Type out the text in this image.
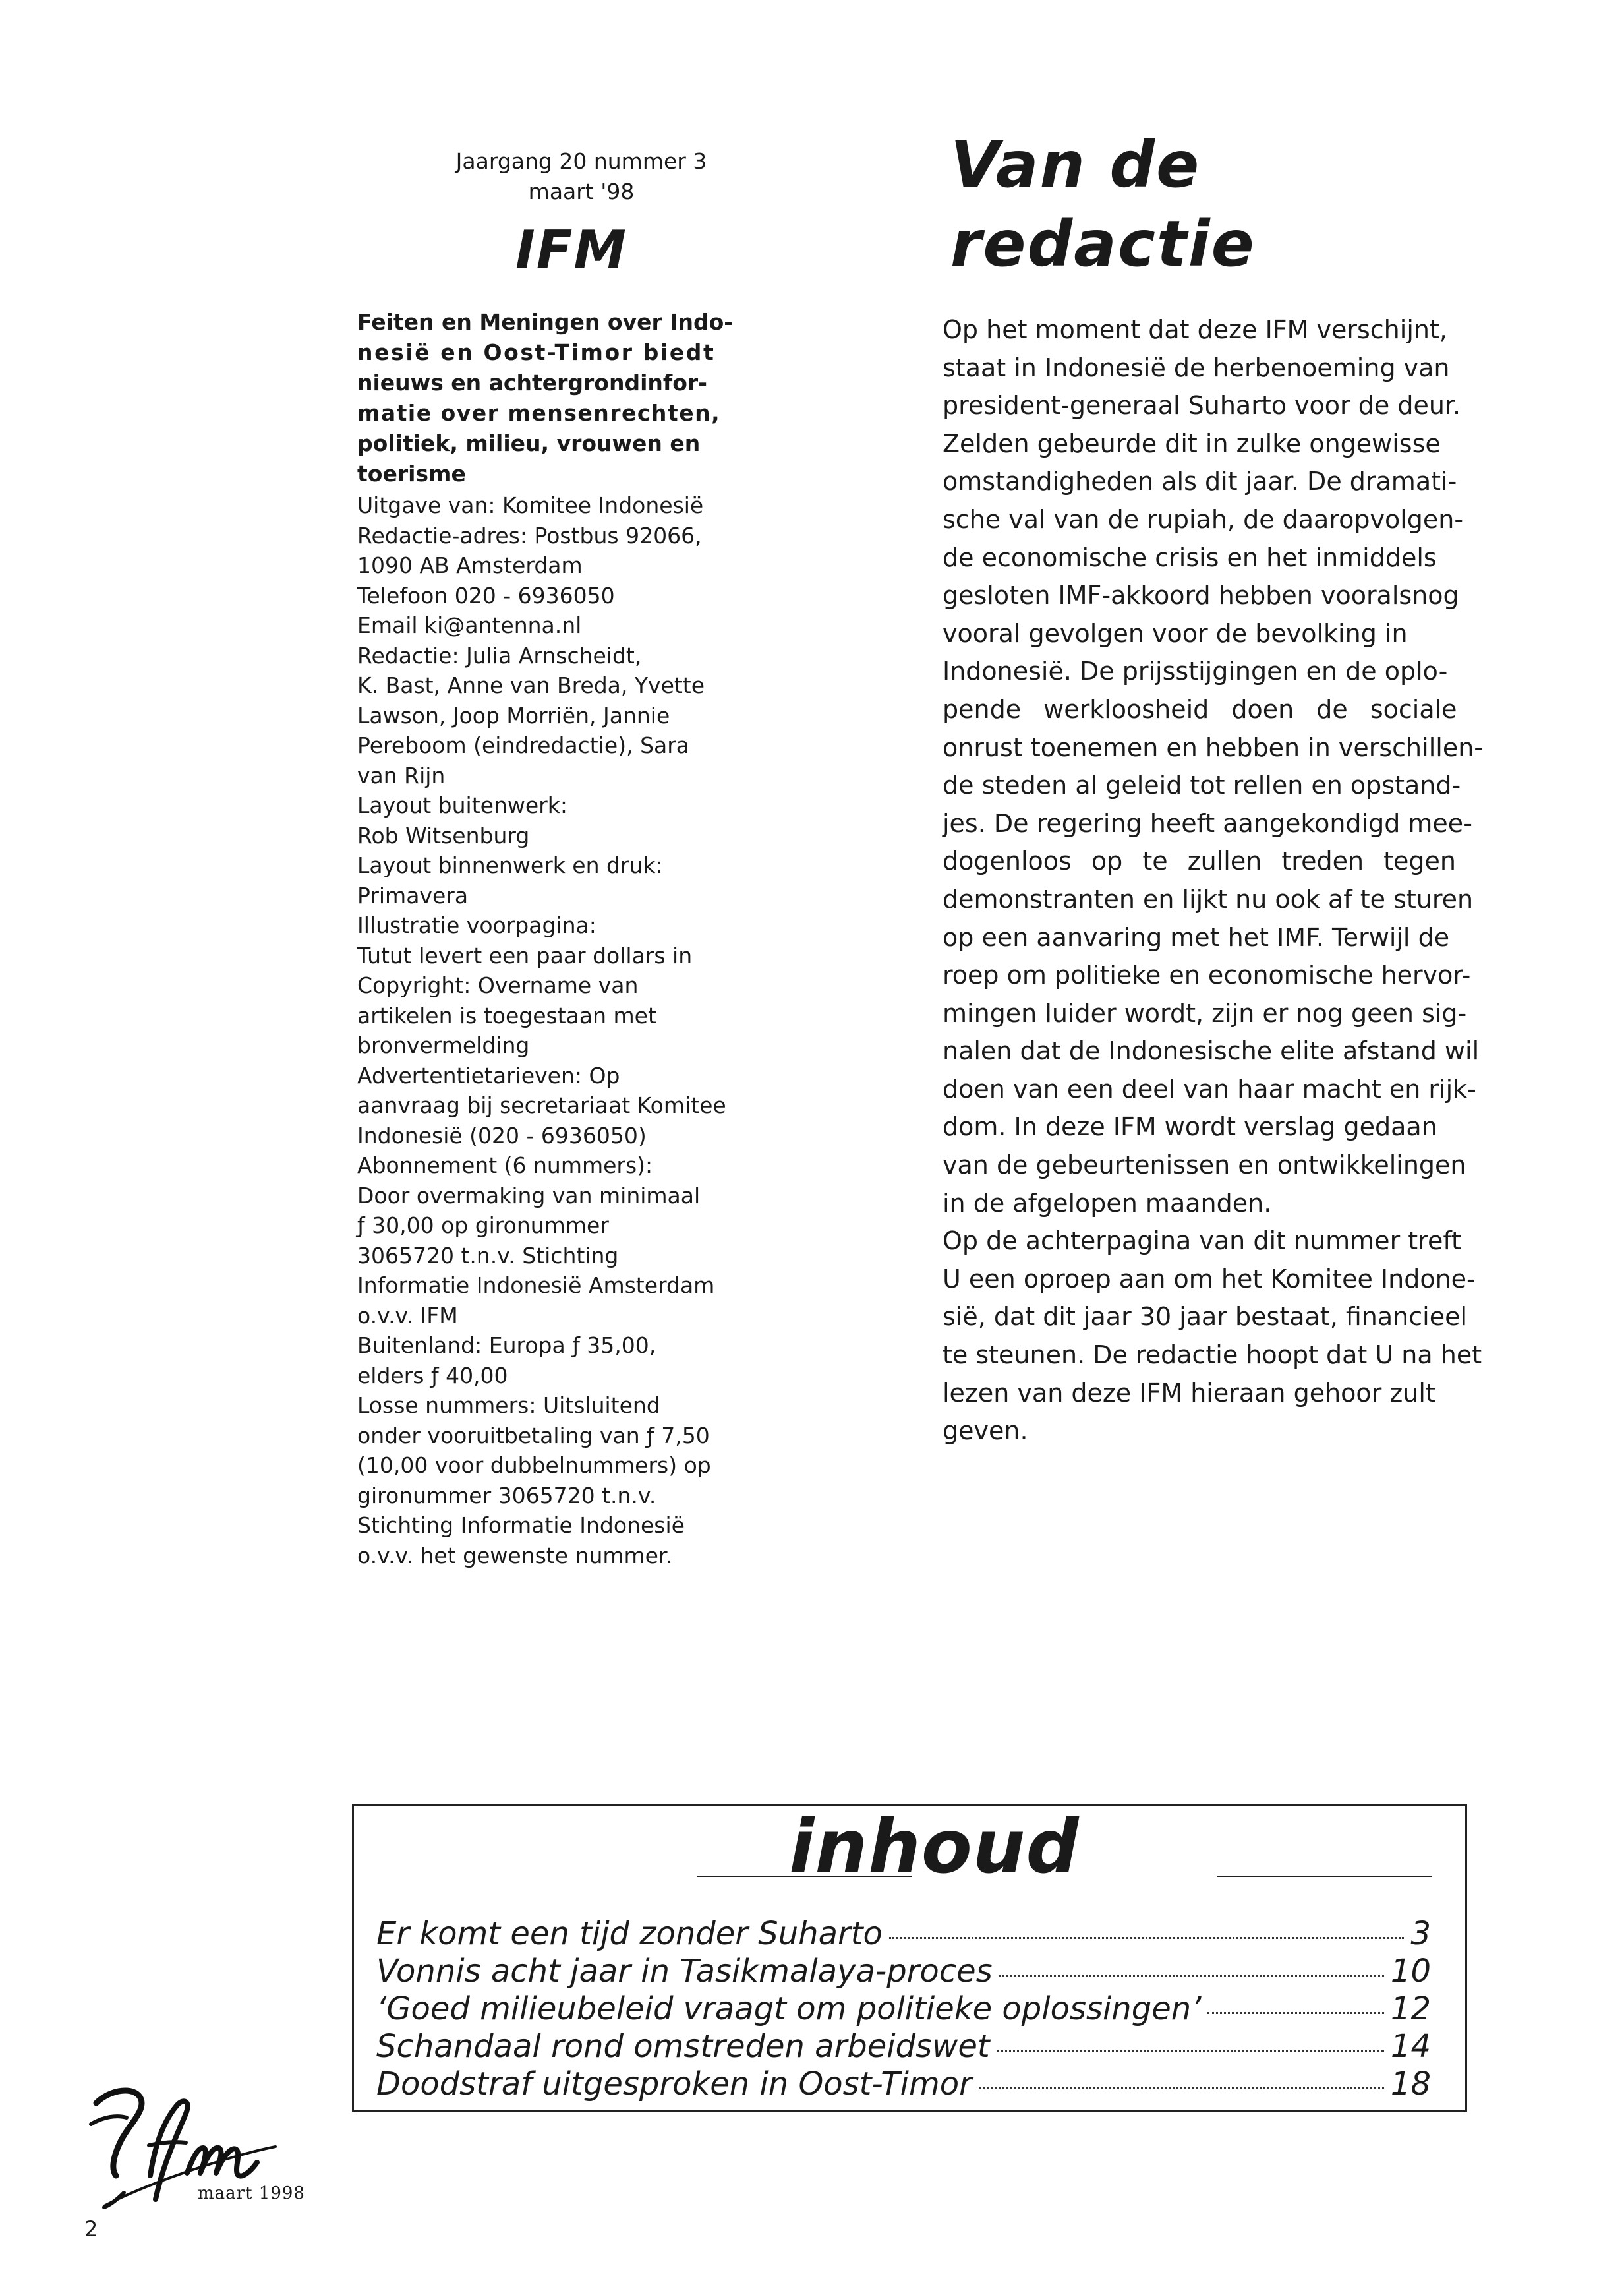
Jaargang 20 nummer 3
maart '98
IFM
Feiten en Meningen over Indo-
nesië en Oost-Timor biedt
nieuws en achtergrondinfor-
matie over mensenrechten,
politiek, milieu, vrouwen en
toerisme
Uitgave van: Komitee Indonesië
Redactie-adres: Postbus 92066,
1090 AB Amsterdam
Telefoon 020 - 6936050
Email ki@antenna.nl
Redactie: Julia Arnscheidt,
K. Bast, Anne van Breda, Yvette
Lawson, Joop Morriën, Jannie
Pereboom (eindredactie), Sara
van Rijn
Layout buitenwerk:
Rob Witsenburg
Layout binnenwerk en druk:
Primavera
Illustratie voorpagina:
Tutut levert een paar dollars in
Copyright: Overname van
artikelen is toegestaan met
bronvermelding
Advertentietarieven: Op
aanvraag bij secretariaat Komitee
Indonesië (020 - 6936050)
Abonnement (6 nummers):
Door overmaking van minimaal
ƒ 30,00 op gironummer
3065720 t.n.v. Stichting
Informatie Indonesië Amsterdam
o.v.v. IFM
Buitenland: Europa ƒ 35,00,
elders ƒ 40,00
Losse nummers: Uitsluitend
onder vooruitbetaling van ƒ 7,50
(10,00 voor dubbelnummers) op
gironummer 3065720 t.n.v.
Stichting Informatie Indonesië
o.v.v. het gewenste nummer.
Van de redactie
Op het moment dat deze IFM verschijnt,
staat in Indonesië de herbenoeming van
president-generaal Suharto voor de deur.
Zelden gebeurde dit in zulke ongewisse
omstandigheden als dit jaar. De dramati-
sche val van de rupiah, de daaropvolgen-
de economische crisis en het inmiddels
gesloten IMF-akkoord hebben vooralsnog
vooral gevolgen voor de bevolking in
Indonesië. De prijsstijgingen en de oplo-
pende werkloosheid doen de sociale
onrust toenemen en hebben in verschillen-
de steden al geleid tot rellen en opstand-
jes. De regering heeft aangekondigd mee-
dogenloos op te zullen treden tegen
demonstranten en lijkt nu ook af te sturen
op een aanvaring met het IMF. Terwijl de
roep om politieke en economische hervor-
mingen luider wordt, zijn er nog geen sig-
nalen dat de Indonesische elite afstand wil
doen van een deel van haar macht en rijk-
dom. In deze IFM wordt verslag gedaan
van de gebeurtenissen en ontwikkelingen
in de afgelopen maanden.
Op de achterpagina van dit nummer treft
U een oproep aan om het Komitee Indone-
sië, dat dit jaar 30 jaar bestaat, financieel
te steunen. De redactie hoopt dat U na het
lezen van deze IFM hieraan gehoor zult
geven.
inhoud
Er komt een tijd zonder Suharto	3
Vonnis acht jaar in Tasikmalaya-proces	10
‘Goed milieubeleid vraagt om politieke oplossingen’	12
Schandaal rond omstreden arbeidswet	14
Doodstraf uitgesproken in Oost-Timor	18
maart 1998
2
